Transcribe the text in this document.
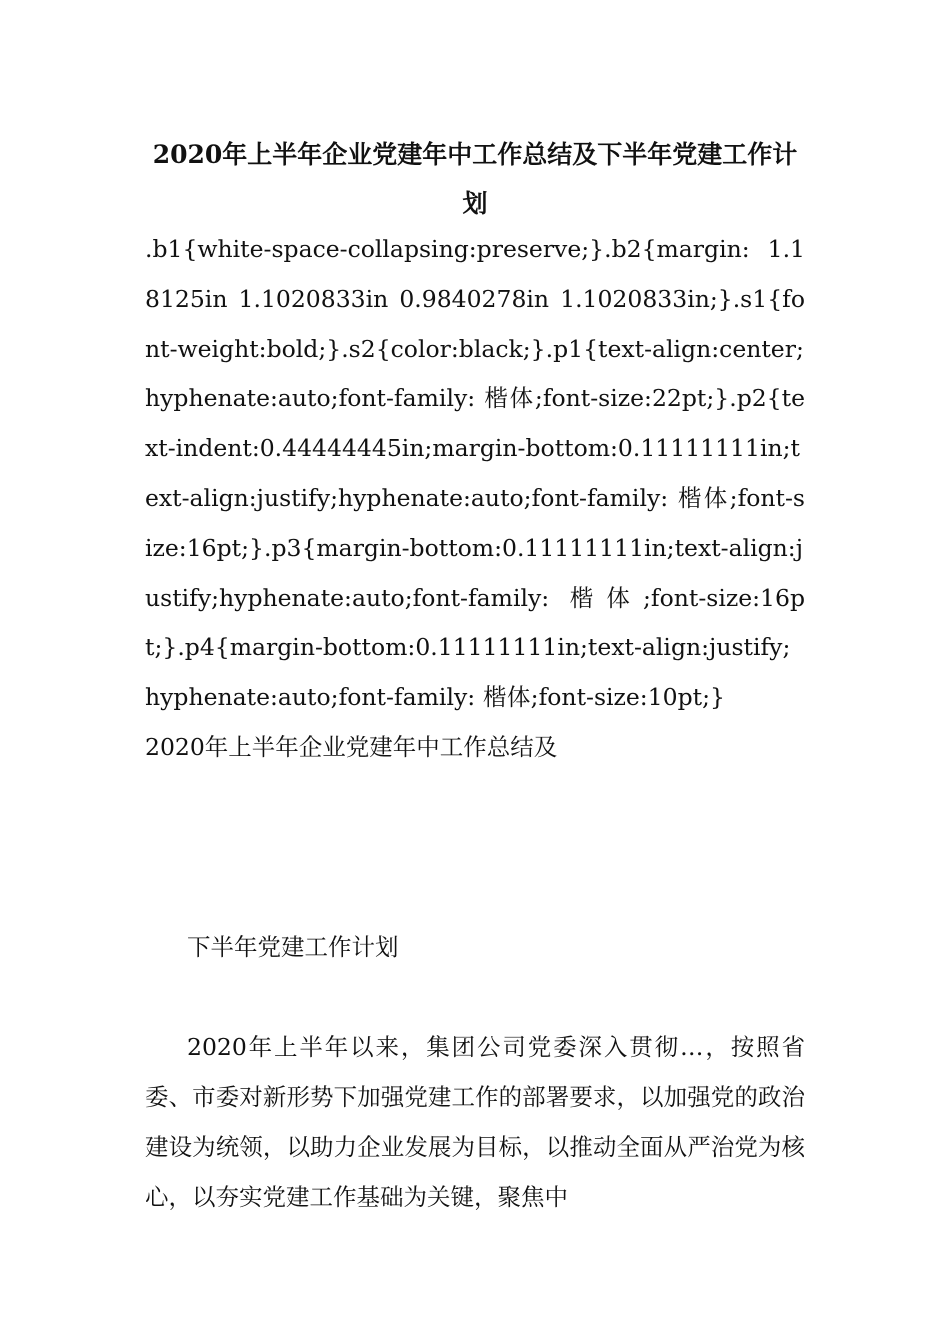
2020年上半年企业党建年中工作总结及下半年党建工作计划

.b1{white-space-collapsing:preserve;}.b2{margin: 1.18125in 1.1020833in 0.9840278in 1.1020833in;}.s1{font-weight:bold;}.s2{color:black;}.p1{text-align:center;hyphenate:auto;font-family: 楷体;font-size:22pt;}.p2{text-indent:0.44444445in;margin-bottom:0.11111111in;text-align:justify;hyphenate:auto;font-family: 楷体;font-size:16pt;}.p3{margin-bottom:0.11111111in;text-align:justify;hyphenate:auto;font-family: 楷体;font-size:16pt;}.p4{margin-bottom:0.11111111in;text-align:justify;hyphenate:auto;font-family: 楷体;font-size:10pt;}2020年上半年企业党建年中工作总结及

下半年党建工作计划

2020年上半年以来，集团公司党委深入贯彻…，按照省委、市委对新形势下加强党建工作的部署要求，以加强党的政治建设为统领，以助力企业发展为目标，以推动全面从严治党为核心，以夯实党建工作基础为关键，聚焦中
